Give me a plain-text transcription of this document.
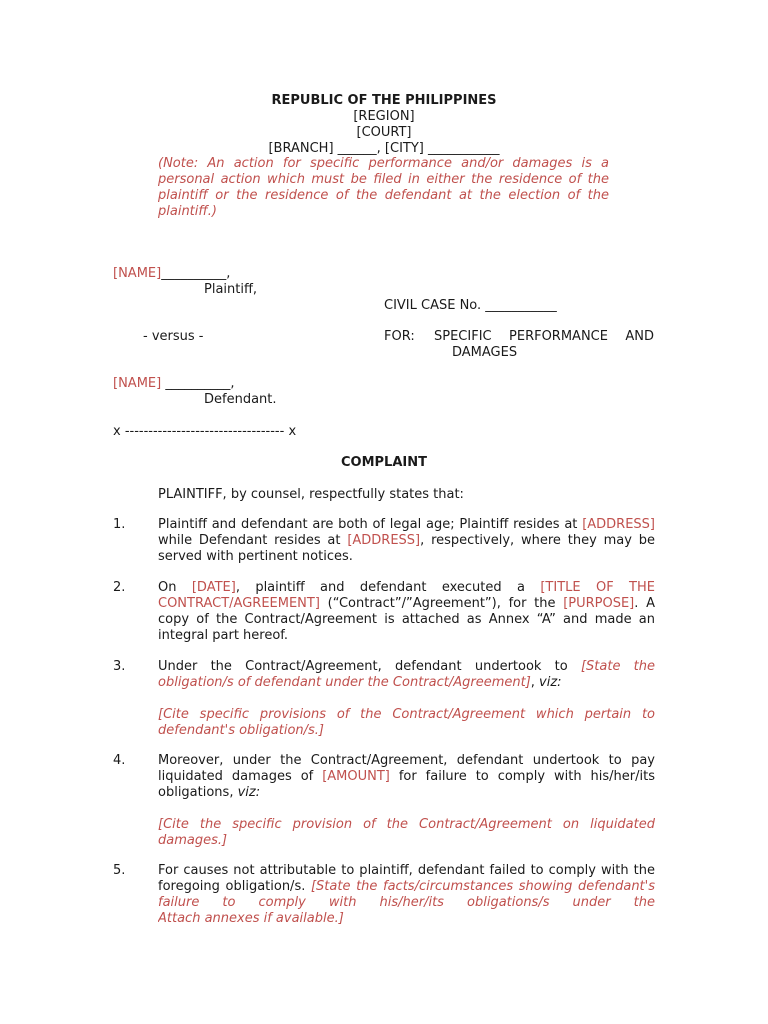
REPUBLIC OF THE PHILIPPINES

[REGION]

[COURT]

[BRANCH] ______, [CITY] ___________

(Note: An action for specific performance and/or damages is a
personal action which must be filed in either the residence of the
plaintiff or the residence of the defendant at the election of the
plaintiff.)

[NAME]__________,

Plaintiff,

CIVIL CASE No. ___________

- versus -	FOR: SPECIFIC PERFORMANCE AND

DAMAGES

[NAME] __________,

Defendant.

x ---------------------------------- x

COMPLAINT

PLAINTIFF, by counsel, respectfully states that:

1.	Plaintiff and defendant are both of legal age; Plaintiff resides at [ADDRESS]
while Defendant resides at [ADDRESS], respectively, where they may be
served with pertinent notices.

2.	On [DATE], plaintiff and defendant executed a [TITLE OF THE
CONTRACT/AGREEMENT] (“Contract”/”Agreement”), for the [PURPOSE]. A
copy of the Contract/Agreement is attached as Annex “A” and made an
integral part hereof.

3.	Under the Contract/Agreement, defendant undertook to [State the
obligation/s of defendant under the Contract/Agreement], viz:
[Cite specific provisions of the Contract/Agreement which pertain to
defendant's obligation/s.]

4.	Moreover, under the Contract/Agreement, defendant undertook to pay
liquidated damages of [AMOUNT] for failure to comply with his/her/its
obligations, viz:
[Cite the specific provision of the Contract/Agreement on liquidated
damages.]

5.	For causes not attributable to plaintiff, defendant failed to comply with the
foregoing obligation/s. [State the facts/circumstances showing defendant's
failure to comply with his/her/its obligations/s under the
Attach annexes if available.]
